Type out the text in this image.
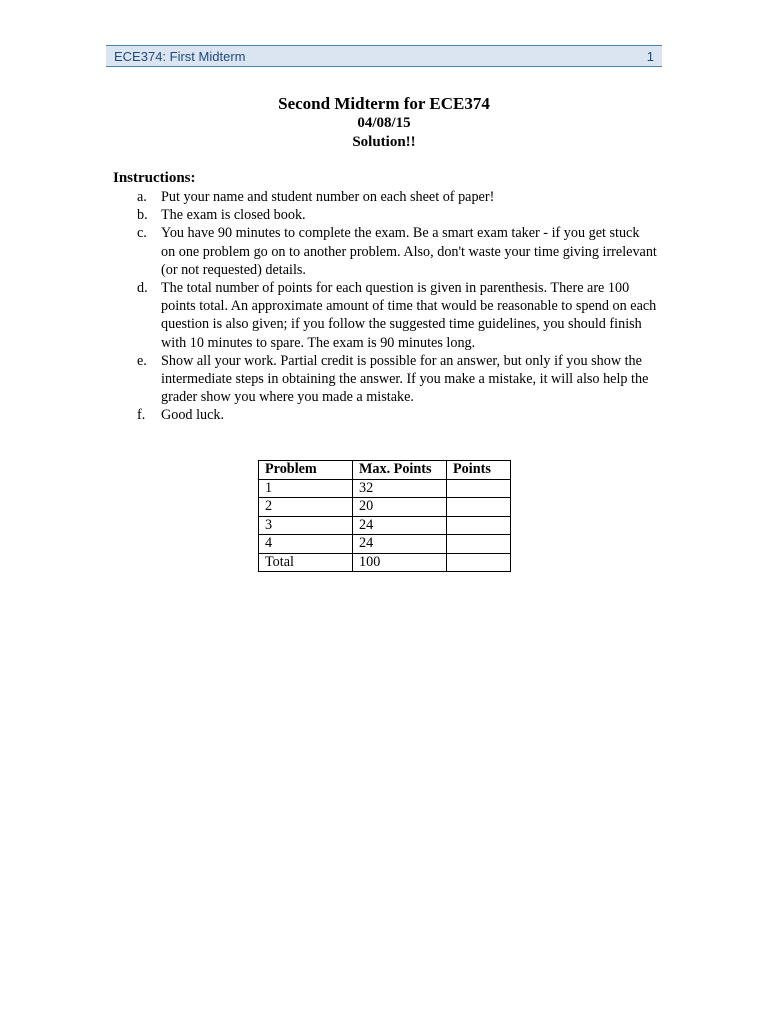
ECE374: First Midterm	1
Second Midterm for ECE374
04/08/15
Solution!!
Instructions:
a. Put your name and student number on each sheet of paper!
b. The exam is closed book.
c. You have 90 minutes to complete the exam. Be a smart exam taker - if you get stuck on one problem go on to another problem. Also, don't waste your time giving irrelevant (or not requested) details.
d. The total number of points for each question is given in parenthesis. There are 100 points total. An approximate amount of time that would be reasonable to spend on each question is also given; if you follow the suggested time guidelines, you should finish with 10 minutes to spare. The exam is 90 minutes long.
e. Show all your work. Partial credit is possible for an answer, but only if you show the intermediate steps in obtaining the answer. If you make a mistake, it will also help the grader show you where you made a mistake.
f. Good luck.
Problem	Max. Points	Points
1	32	
2	20	
3	24	
4	24	
Total	100	
